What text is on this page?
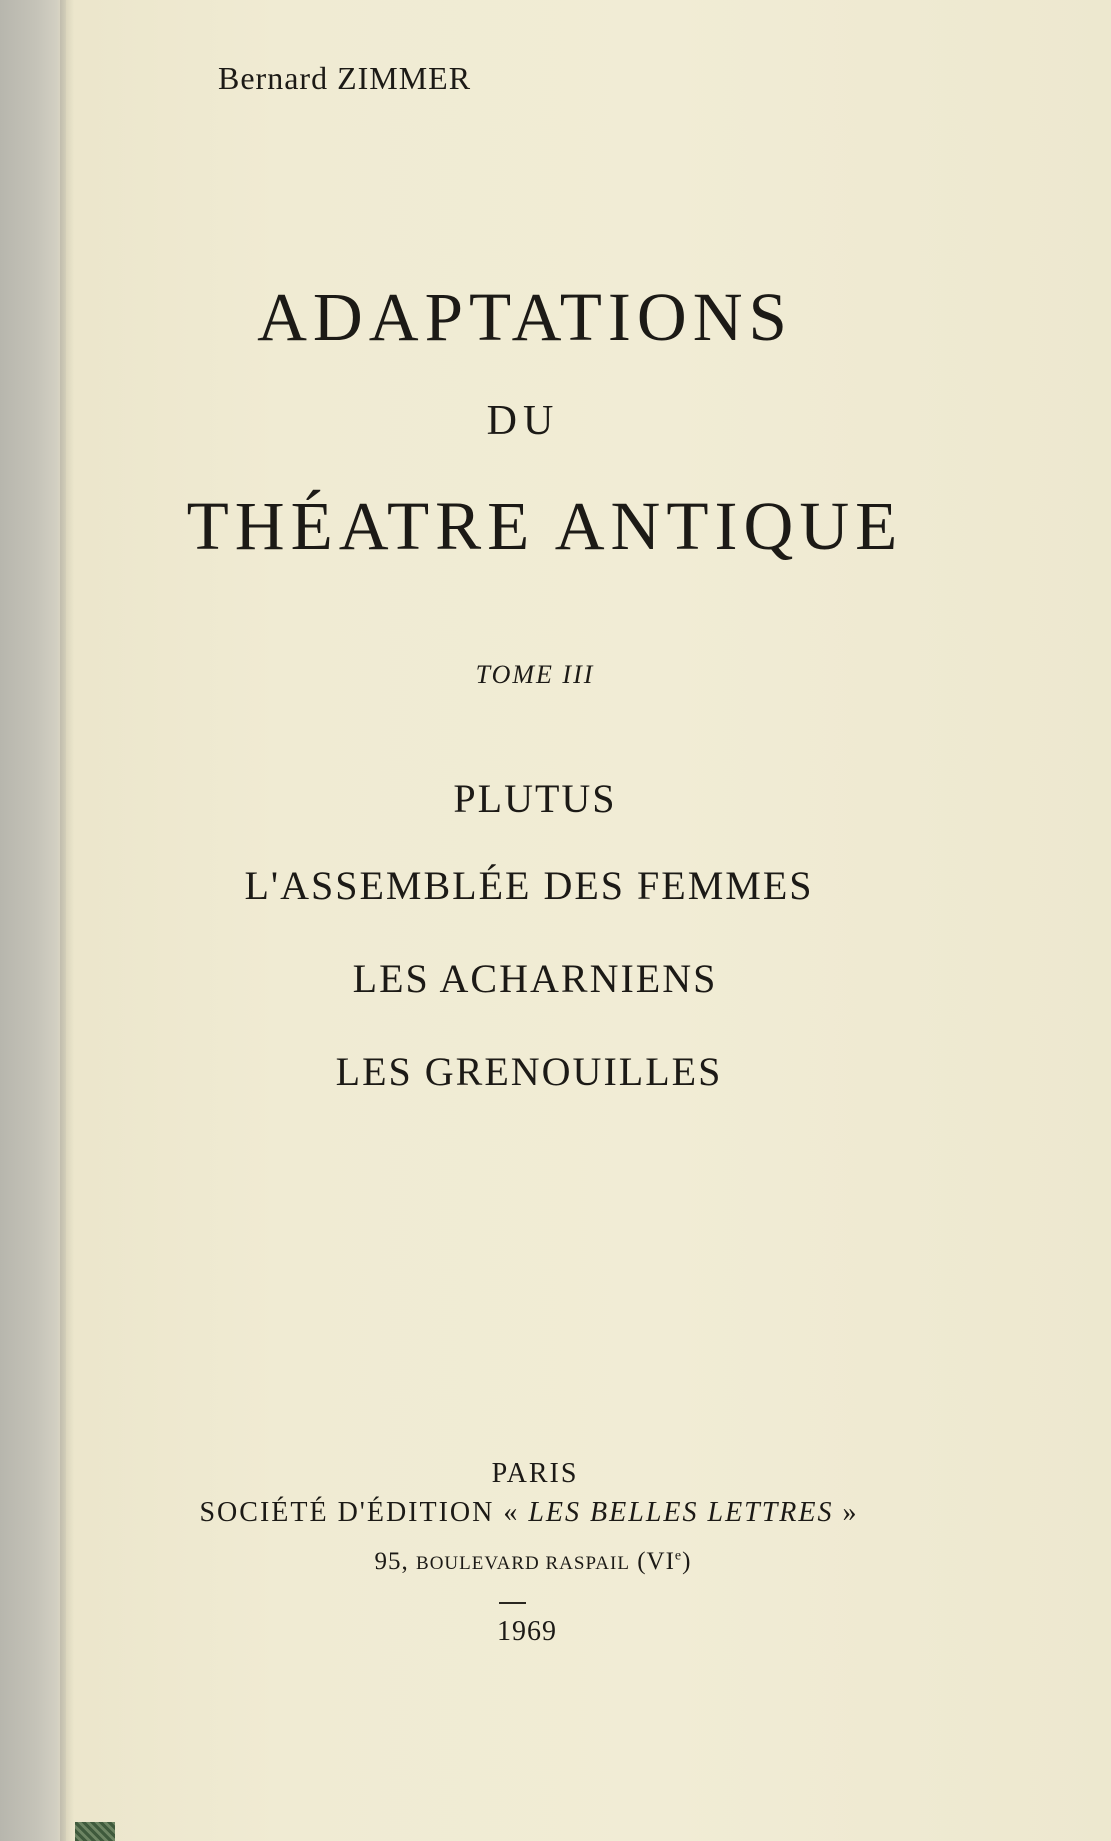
Bernard ZIMMER
ADAPTATIONS
DU
THÉATRE ANTIQUE
TOME III
PLUTUS
L'ASSEMBLÉE DES FEMMES
LES ACHARNIENS
LES GRENOUILLES
PARIS
SOCIÉTÉ D'ÉDITION « LES BELLES LETTRES »
95, BOULEVARD RASPAIL (VIe)
1969
